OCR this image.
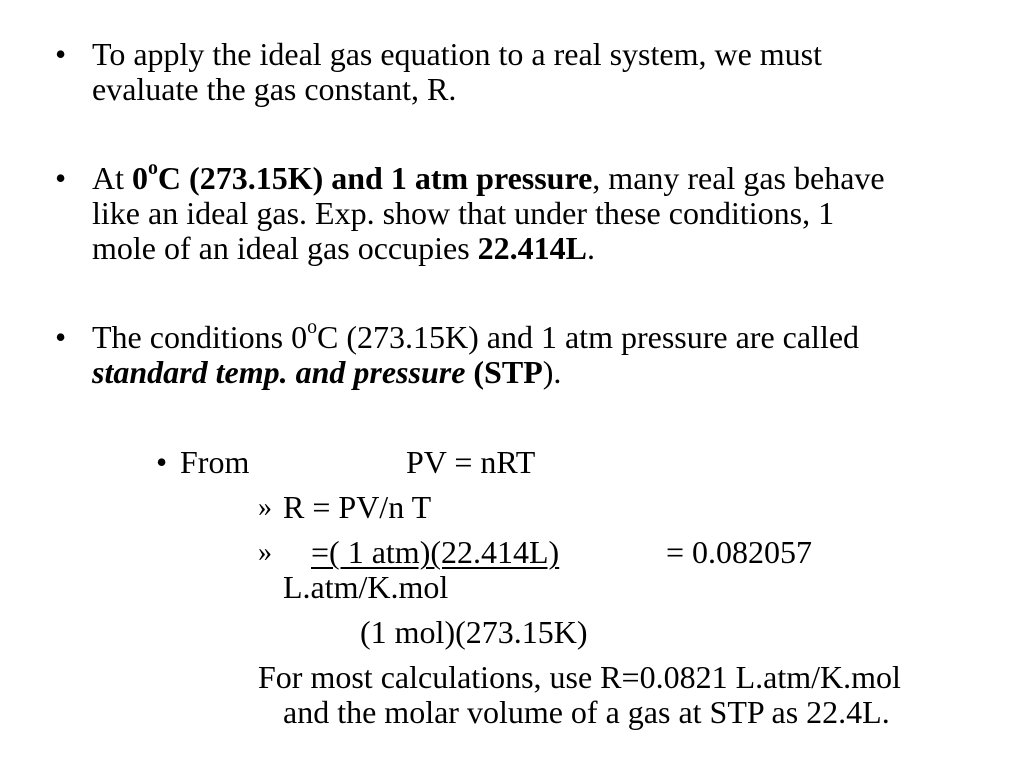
• To apply the ideal gas equation to a real system, we must
evaluate the gas constant, R.
• At 0$^o$C (273.15K) and 1 atm pressure, many real gas behave
like an ideal gas. Exp. show that under these conditions, 1
mole of an ideal gas occupies 22.414L.
• The conditions 0$^o$C (273.15K) and 1 atm pressure are called
standard temp. and pressure (STP).
• From	PV = nRT
» R = PV/n T
» =( 1 atm)(22.414L)	= 0.082057
L.atm/K.mol
(1 mol)(273.15K)
For most calculations, use R=0.0821 L.atm/K.mol
and the molar volume of a gas at STP as 22.4L.
